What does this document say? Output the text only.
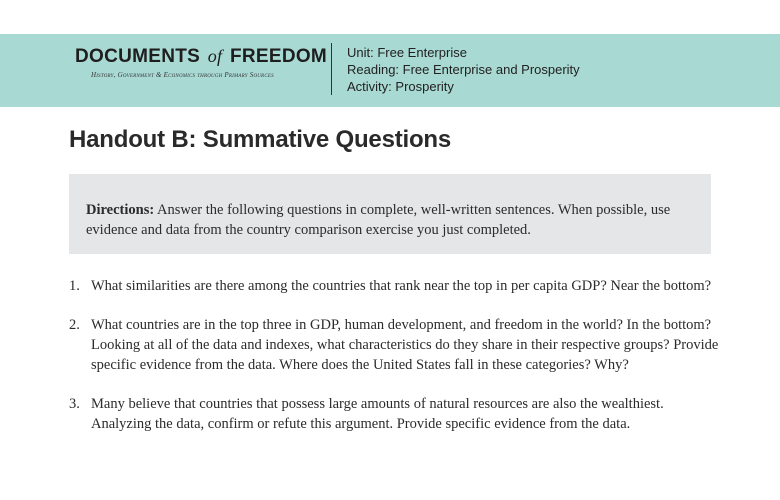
DOCUMENTS of FREEDOM
History, Government & Economics through Primary Sources
Unit: Free Enterprise
Reading: Free Enterprise and Prosperity
Activity: Prosperity
Handout B: Summative Questions

Directions: Answer the following questions in complete, well-written sentences. When possible, use evidence and data from the country comparison exercise you just completed.

1. What similarities are there among the countries that rank near the top in per capita GDP? Near the bottom?
2. What countries are in the top three in GDP, human development, and freedom in the world? In the bottom? Looking at all of the data and indexes, what characteristics do they share in their respective groups? Provide specific evidence from the data. Where does the United States fall in these categories? Why?
3. Many believe that countries that possess large amounts of natural resources are also the wealthiest. Analyzing the data, confirm or refute this argument. Provide specific evidence from the data.
